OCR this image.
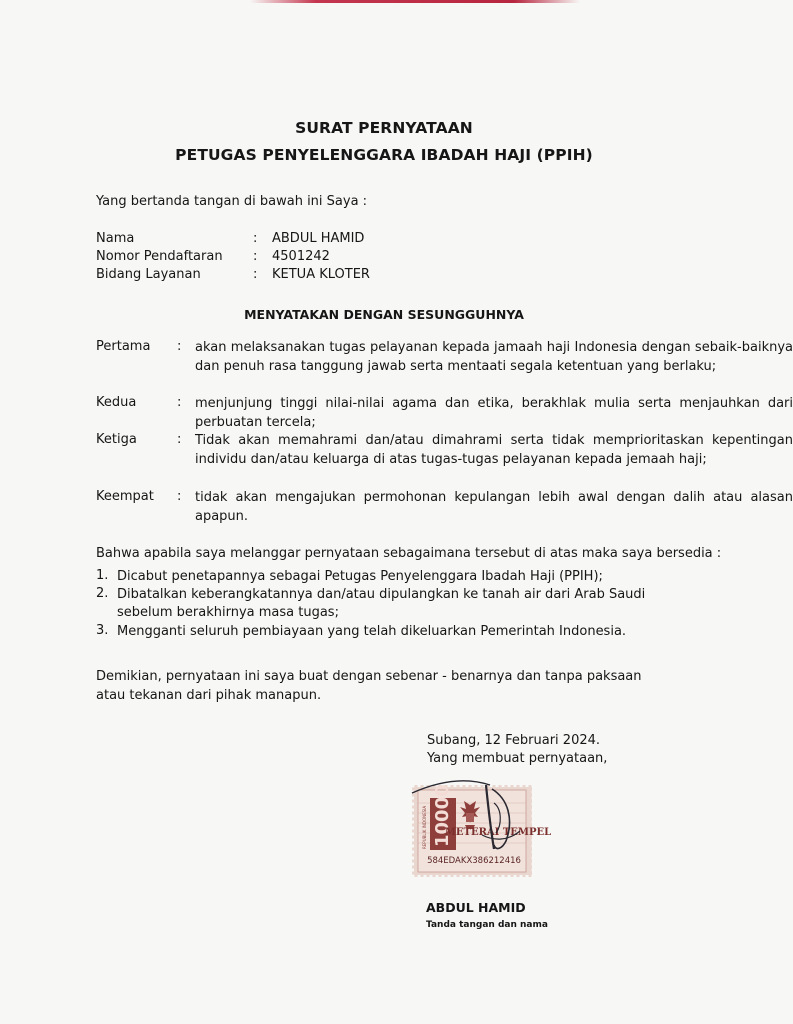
SURAT PERNYATAAN
PETUGAS PENYELENGGARA IBADAH HAJI (PPIH)
Yang bertanda tangan di bawah ini Saya :
Nama	: ABDUL HAMID
Nomor Pendaftaran : 4501242
Bidang Layanan	: KETUA KLOTER
MENYATAKAN DENGAN SESUNGGUHNYA
Pertama : akan melaksanakan tugas pelayanan kepada jamaah haji Indonesia dengan sebaik-baiknya dan penuh rasa tanggung jawab serta mentaati segala ketentuan yang berlaku;
Kedua	: menjunjung tinggi nilai-nilai agama dan etika, berakhlak mulia serta menjauhkan dari perbuatan tercela;
Ketiga	: Tidak akan memahrami dan/atau dimahrami serta tidak memprioritaskan kepentingan individu dan/atau keluarga di atas tugas-tugas pelayanan kepada jemaah haji;
Keempat : tidak akan mengajukan permohonan kepulangan lebih awal dengan dalih atau alasan apapun.
Bahwa apabila saya melanggar pernyataan sebagaimana tersebut di atas maka saya bersedia :
1. Dicabut penetapannya sebagai Petugas Penyelenggara Ibadah Haji (PPIH);
2. Dibatalkan keberangkatannya dan/atau dipulangkan ke tanah air dari Arab Saudi sebelum berakhirnya masa tugas;
3. Mengganti seluruh pembiayaan yang telah dikeluarkan Pemerintah Indonesia.
Demikian, pernyataan ini saya buat dengan sebenar - benarnya dan tanpa paksaan atau tekanan dari pihak manapun.
Subang, 12 Februari 2024.
Yang membuat pernyataan,
10000
REPUBLIK INDONESIA METERAI TEMPEL
584EDAKX386212416
ABDUL HAMID
Tanda tangan dan nama
